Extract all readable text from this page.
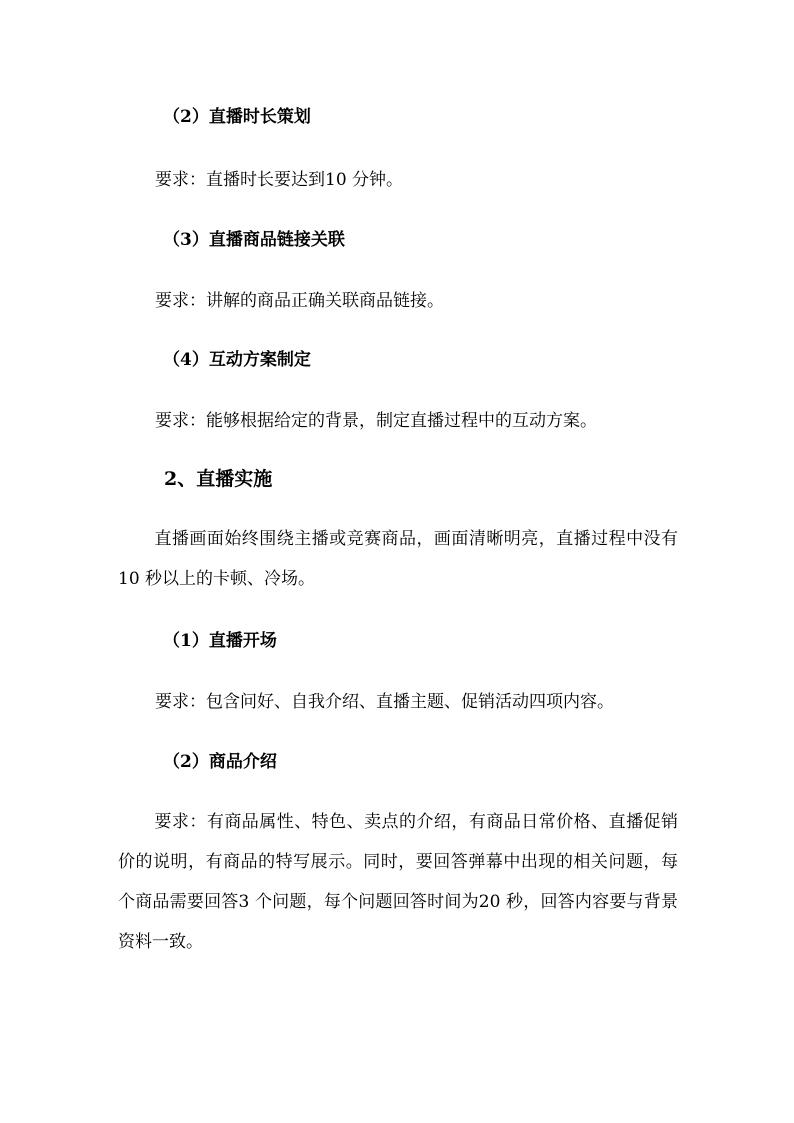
（2）直播时长策划
要求：直播时长要达到10 分钟。
（3）直播商品链接关联
要求：讲解的商品正确关联商品链接。
（4）互动方案制定
要求：能够根据给定的背景，制定直播过程中的互动方案。
2、直播实施
直播画面始终围绕主播或竞赛商品，画面清晰明亮，直播过程中没有10 秒以上的卡顿、冷场。
（1）直播开场
要求：包含问好、自我介绍、直播主题、促销活动四项内容。
（2）商品介绍
要求：有商品属性、特色、卖点的介绍，有商品日常价格、直播促销价的说明，有商品的特写展示。同时，要回答弹幕中出现的相关问题，每个商品需要回答3 个问题，每个问题回答时间为20 秒，回答内容要与背景资料一致。
